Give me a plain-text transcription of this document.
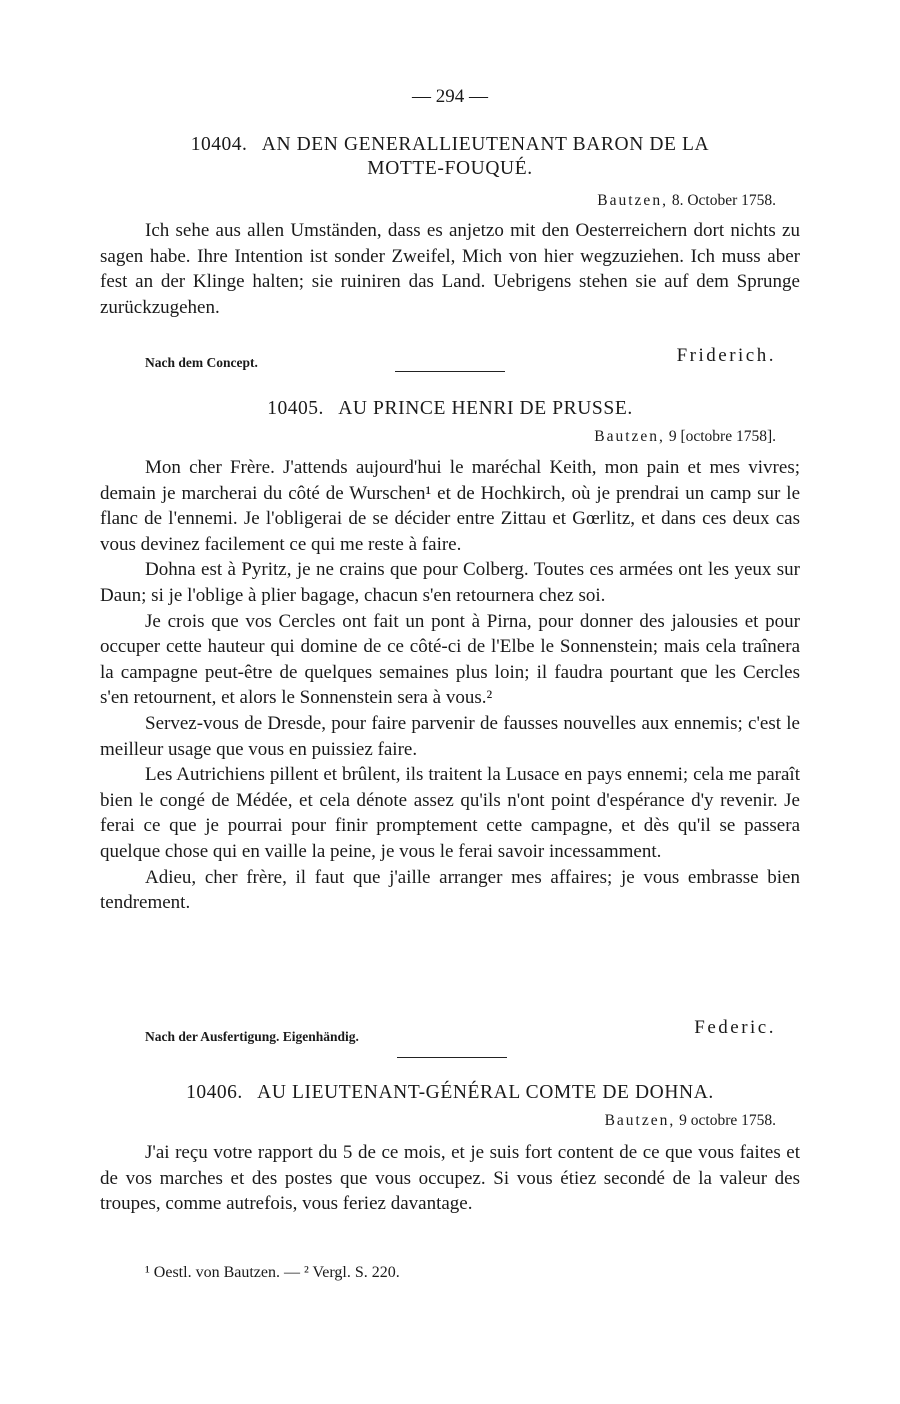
— 294 —
10404. AN DEN GENERALLIEUTENANT BARON DE LA
MOTTE-FOUQUÉ.
Bautzen, 8. October 1758.

Ich sehe aus allen Umständen, dass es anjetzo mit den Oesterreichern dort nichts zu sagen habe. Ihre Intention ist sonder Zweifel, Mich von hier wegzuziehen. Ich muss aber fest an der Klinge halten; sie ruiniren das Land. Uebrigens stehen sie auf dem Sprunge zurückzugehen.

Nach dem Concept.	Friderich.
10405. AU PRINCE HENRI DE PRUSSE.
Bautzen, 9 [octobre 1758].

Mon cher Frère. J'attends aujourd'hui le maréchal Keith, mon pain et mes vivres; demain je marcherai du côté de Wurschen¹ et de Hochkirch, où je prendrai un camp sur le flanc de l'ennemi. Je l'obligerai de se décider entre Zittau et Gœrlitz, et dans ces deux cas vous devinez facilement ce qui me reste à faire.

Dohna est à Pyritz, je ne crains que pour Colberg. Toutes ces armées ont les yeux sur Daun; si je l'oblige à plier bagage, chacun s'en retournera chez soi.

Je crois que vos Cercles ont fait un pont à Pirna, pour donner des jalousies et pour occuper cette hauteur qui domine de ce côté-ci de l'Elbe le Sonnenstein; mais cela traînera la campagne peut-être de quelques semaines plus loin; il faudra pourtant que les Cercles s'en retournent, et alors le Sonnenstein sera à vous.²

Servez-vous de Dresde, pour faire parvenir de fausses nouvelles aux ennemis; c'est le meilleur usage que vous en puissiez faire.

Les Autrichiens pillent et brûlent, ils traitent la Lusace en pays ennemi; cela me paraît bien le congé de Médée, et cela dénote assez qu'ils n'ont point d'espérance d'y revenir. Je ferai ce que je pourrai pour finir promptement cette campagne, et dès qu'il se passera quelque chose qui en vaille la peine, je vous le ferai savoir incessamment.

Adieu, cher frère, il faut que j'aille arranger mes affaires; je vous embrasse bien tendrement.

Nach der Ausfertigung. Eigenhändig.	Federic.
10406. AU LIEUTENANT-GÉNÉRAL COMTE DE DOHNA.
Bautzen, 9 octobre 1758.

J'ai reçu votre rapport du 5 de ce mois, et je suis fort content de ce que vous faites et de vos marches et des postes que vous occupez. Si vous étiez secondé de la valeur des troupes, comme autrefois, vous feriez davantage.

¹ Oestl. von Bautzen. — ² Vergl. S. 220.
